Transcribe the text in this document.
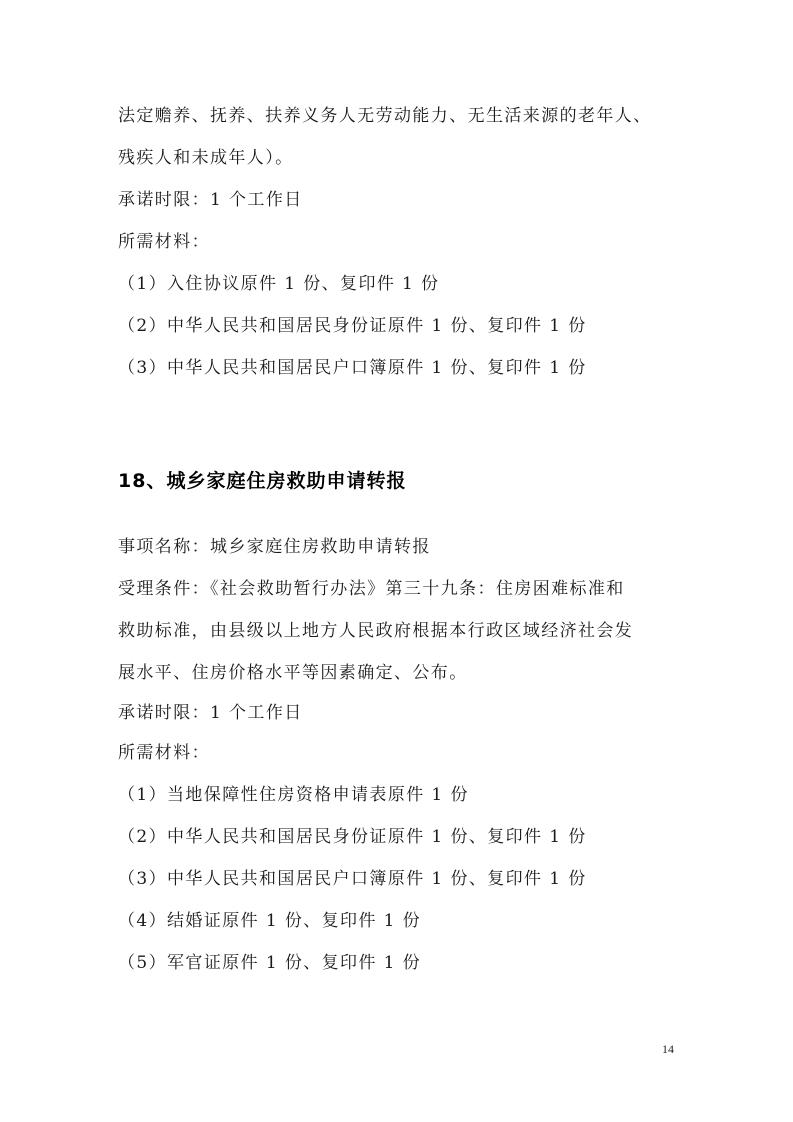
法定赡养、抚养、扶养义务人无劳动能力、无生活来源的老年人、
残疾人和未成年人）。
承诺时限：1 个工作日
所需材料：
（1）入住协议原件 1 份、复印件 1 份
（2）中华人民共和国居民身份证原件 1 份、复印件 1 份
（3）中华人民共和国居民户口簿原件 1 份、复印件 1 份
18、城乡家庭住房救助申请转报
事项名称：城乡家庭住房救助申请转报
受理条件：《社会救助暂行办法》第三十九条：住房困难标准和
救助标准，由县级以上地方人民政府根据本行政区域经济社会发
展水平、住房价格水平等因素确定、公布。
承诺时限：1 个工作日
所需材料：
（1）当地保障性住房资格申请表原件 1 份
（2）中华人民共和国居民身份证原件 1 份、复印件 1 份
（3）中华人民共和国居民户口簿原件 1 份、复印件 1 份
（4）结婚证原件 1 份、复印件 1 份
（5）军官证原件 1 份、复印件 1 份
14
